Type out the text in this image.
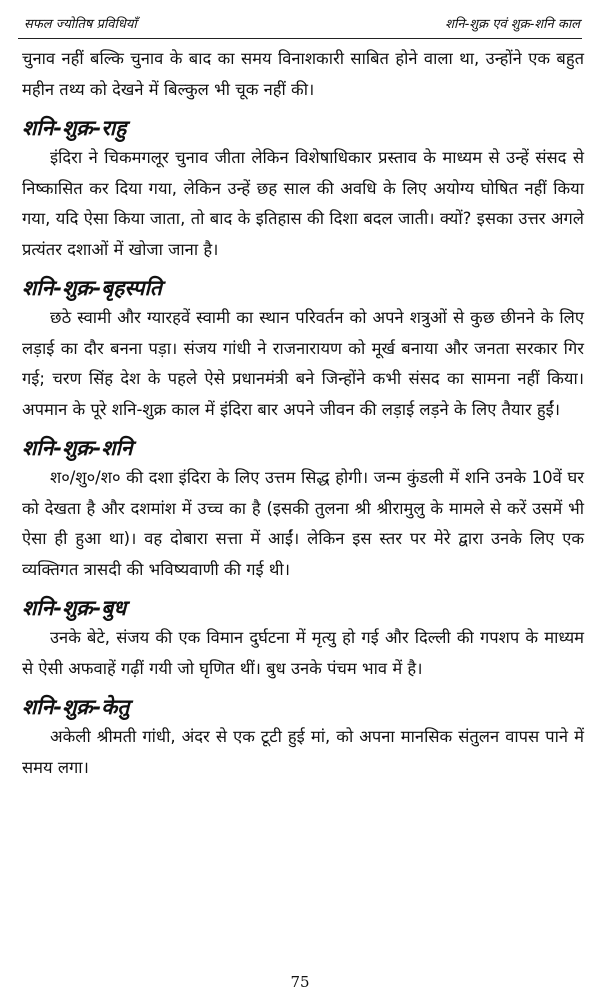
सफल ज्योतिष प्रविधियाँ	शनि-शुक्र एवं शुक्र-शनि काल

चुनाव नहीं बल्कि चुनाव के बाद का समय विनाशकारी साबित होने वाला था, उन्होंने एक बहुत महीन तथ्य को देखने में बिल्कुल भी चूक नहीं की।

शनि-शुक्र-राहु

इंदिरा ने चिकमगलूर चुनाव जीता लेकिन विशेषाधिकार प्रस्ताव के माध्यम से उन्हें संसद से निष्कासित कर दिया गया, लेकिन उन्हें छह साल की अवधि के लिए अयोग्य घोषित नहीं किया गया, यदि ऐसा किया जाता, तो बाद के इतिहास की दिशा बदल जाती। क्यों? इसका उत्तर अगले प्रत्यंतर दशाओं में खोजा जाना है।

शनि-शुक्र-बृहस्पति

छठे स्वामी और ग्यारहवें स्वामी का स्थान परिवर्तन को अपने शत्रुओं से कुछ छीनने के लिए लड़ाई का दौर बनना पड़ा। संजय गांधी ने राजनारायण को मूर्ख बनाया और जनता सरकार गिर गई; चरण सिंह देश के पहले ऐसे प्रधानमंत्री बने जिन्होंने कभी संसद का सामना नहीं किया। अपमान के पूरे शनि-शुक्र काल में इंदिरा बार अपने जीवन की लड़ाई लड़ने के लिए तैयार हुईं।

शनि-शुक्र-शनि

श०/शु०/श० की दशा इंदिरा के लिए उत्तम सिद्ध होगी। जन्म कुंडली में शनि उनके 10वें घर को देखता है और दशमांश में उच्च का है (इसकी तुलना श्री श्रीरामुलु के मामले से करें उसमें भी ऐसा ही हुआ था)। वह दोबारा सत्ता में आईं। लेकिन इस स्तर पर मेरे द्वारा उनके लिए एक व्यक्तिगत त्रासदी की भविष्यवाणी की गई थी।

शनि-शुक्र-बुध

उनके बेटे, संजय की एक विमान दुर्घटना में मृत्यु हो गई और दिल्ली की गपशप के माध्यम से ऐसी अफवाहें गढ़ीं गयी जो घृणित थीं। बुध उनके पंचम भाव में है।

शनि-शुक्र-केतु

अकेली श्रीमती गांधी, अंदर से एक टूटी हुई मां, को अपना मानसिक संतुलन वापस पाने में समय लगा।

75
